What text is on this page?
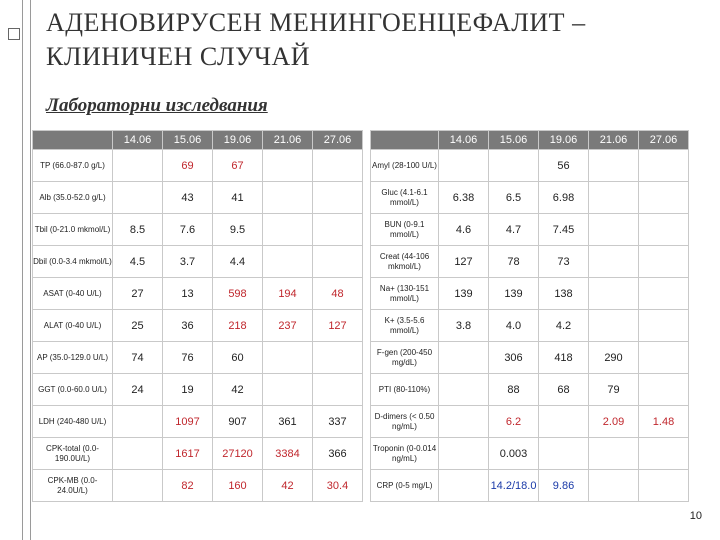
АДЕНОВИРУСЕН МЕНИНГОЕНЦЕФАЛИТ – КЛИНИЧЕН СЛУЧАЙ
Лабораторни изследвания
	14.06	15.06	19.06	21.06	27.06
TP (66.0-87.0 g/L)		69	67		
Alb (35.0-52.0 g/L)		43	41		
Tbil (0-21.0 mkmol/L)	8.5	7.6	9.5		
Dbil (0.0-3.4 mkmol/L)	4.5	3.7	4.4		
ASAT (0-40 U/L)	27	13	598	194	48
ALAT (0-40 U/L)	25	36	218	237	127
AP (35.0-129.0 U/L)	74	76	60		
GGT (0.0-60.0 U/L)	24	19	42		
LDH (240-480 U/L)		1097	907	361	337
CPK-total (0.0-190.0U/L)		1617	27120	3384	366
CPK-MB (0.0-24.0U/L)		82	160	42	30.4
	14.06	15.06	19.06	21.06	27.06
Amyl (28-100 U/L)			56		
Gluc (4.1-6.1 mmol/L)	6.38	6.5	6.98		
BUN (0-9.1 mmol/L)	4.6	4.7	7.45		
Creat (44-106 mkmol/L)	127	78	73		
Na+ (130-151 mmol/L)	139	139	138		
K+ (3.5-5.6 mmol/L)	3.8	4.0	4.2		
F-gen (200-450 mg/dL)		306	418	290	
PTI (80-110%)		88	68	79	
D-dimers (< 0.50 ng/mL)		6.2		2.09	1.48
Troponin (0-0.014 ng/mL)		0.003			
CRP (0-5 mg/L)		14.2/18.0	9.86		
10
